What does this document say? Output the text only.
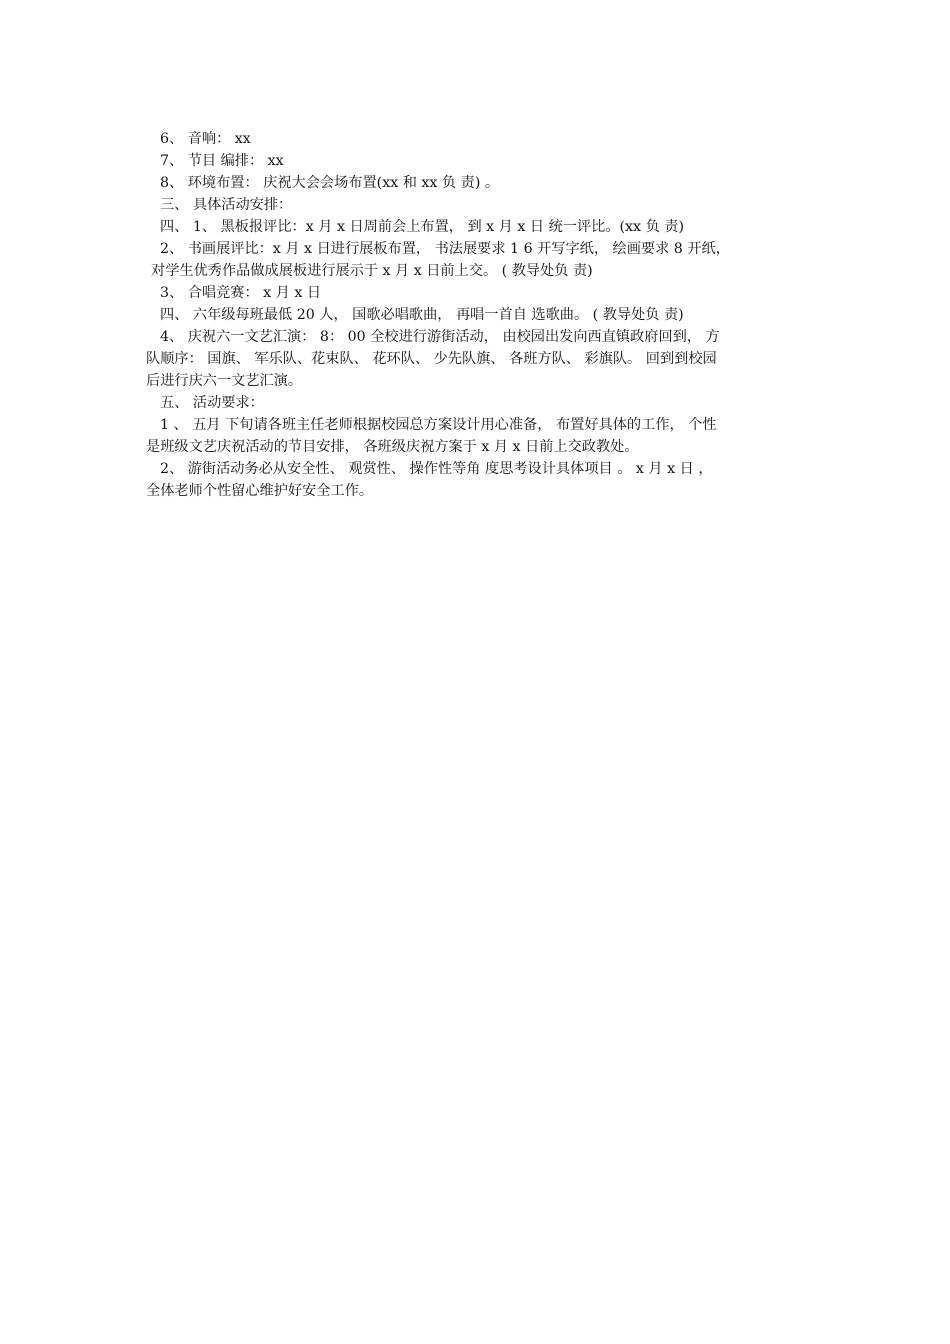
6、 音响： xx
7、 节目 编排： xx
8、 环境布置： 庆祝大会会场布置(xx 和 xx 负 责) 。
三、 具体活动安排：
四、 1、 黑板报评比：x 月 x 日周前会上布置， 到 x 月 x 日 统一评比。(xx 负 责)
2、 书画展评比：x 月 x 日进行展板布置， 书法展要求 1 6 开写字纸， 绘画要求 8 开纸，
对学生优秀作品做成展板进行展示于 x 月 x 日前上交。 ( 教导处负 责)
3、 合唱竞赛： x 月 x 日
四、 六年级每班最低 20 人， 国歌必唱歌曲， 再唱一首自 选歌曲。 ( 教导处负 责)
4、 庆祝六一文艺汇演： 8： 00 全校进行游街活动， 由校园出发向西直镇政府回到， 方
队顺序： 国旗、 军乐队、花束队、 花环队、 少先队旗、 各班方队、 彩旗队。 回到到校园
后进行庆六一文艺汇演。
五、 活动要求：
1 、 五月 下旬请各班主任老师根据校园总方案设计用心准备， 布置好具体的工作， 个性
是班级文艺庆祝活动的节目安排， 各班级庆祝方案于 x 月 x 日前上交政教处。
2、 游街活动务必从安全性、 观赏性、 操作性等角 度思考设计具体项目 。 x 月 x 日 ，
全体老师个性留心维护好安全工作。
